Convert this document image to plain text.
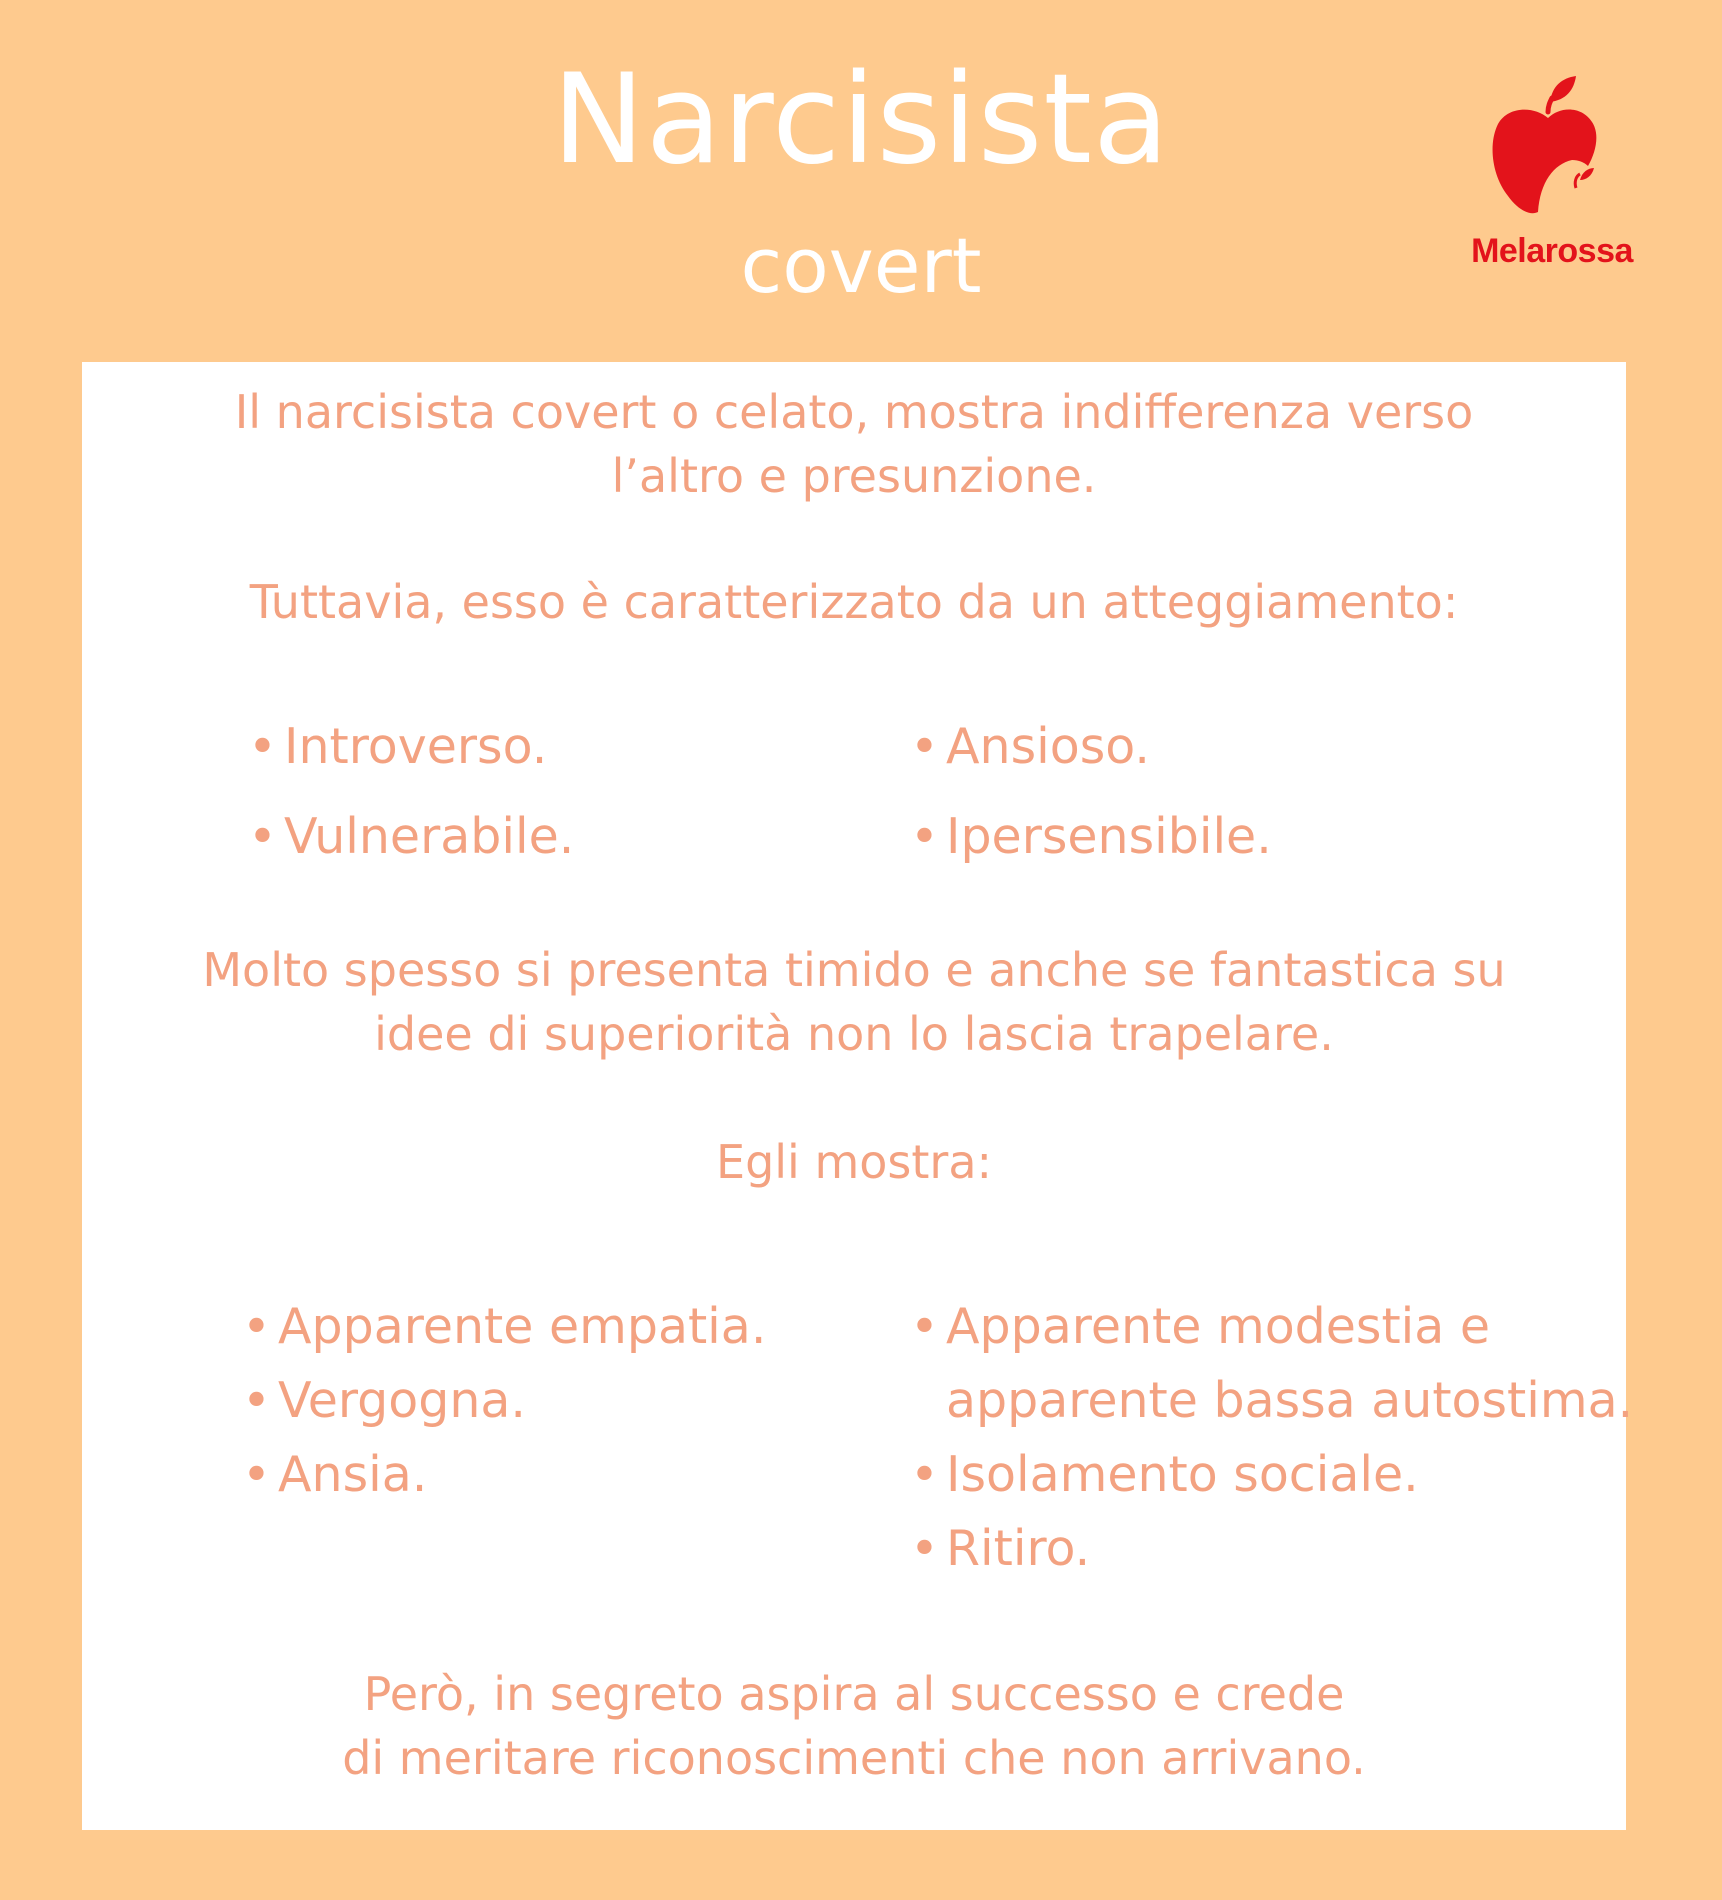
Narcisista
covert	Melarossa
Il narcisista covert o celato, mostra indifferenza verso
l’altro e presunzione.
Tuttavia, esso è caratterizzato da un atteggiamento:
• Introverso.
• Vulnerabile.
• Ansioso.
• Ipersensibile.
Molto spesso si presenta timido e anche se fantastica su
idee di superiorità non lo lascia trapelare.
Egli mostra:
• Apparente empatia.
• Vergogna.
• Ansia.
• Apparente modestia e
apparente bassa autostima.
• Isolamento sociale.
• Ritiro.
Però, in segreto aspira al successo e crede
di meritare riconoscimenti che non arrivano.
